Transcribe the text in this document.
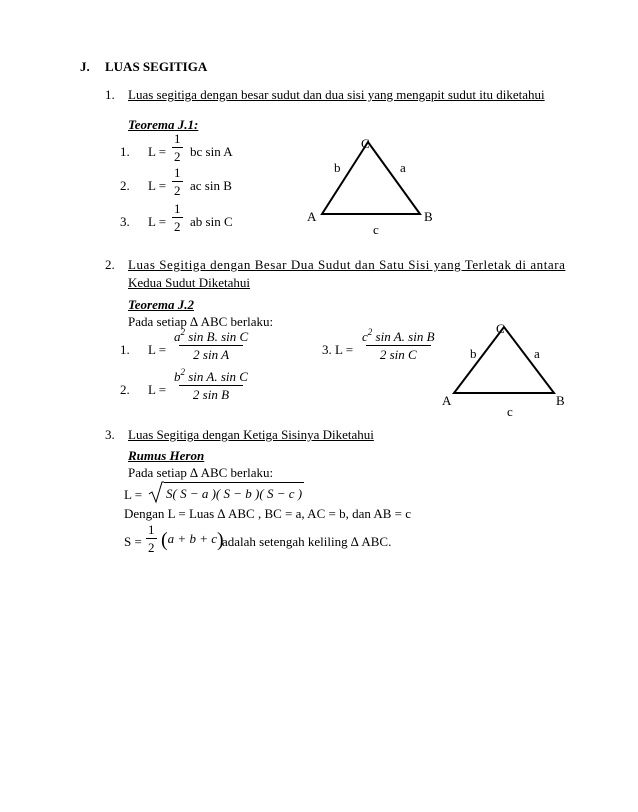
J. LUAS SEGITIGA
1. Luas segitiga dengan besar sudut dan dua sisi yang mengapit sudut itu diketahui
Teorema J.1:
1. $L = \frac{1}{2}$ bc sin A
2. $L = \frac{1}{2}$ ac sin B
3. $L = \frac{1}{2}$ ab sin C
C
b	a
A	B
c
2. Luas Segitiga dengan Besar Dua Sudut dan Satu Sisi yang Terletak di antara
Kedua Sudut Diketahui
Teorema J.2
Pada setiap ∆ ABC berlaku:
1. $L = \frac{a^2 \sin B. \sin C}{\text{2 sin A}}$
2. $L = \frac{b^2 \sin A. \sin C}{\text{2 sin B}}$
3. $L = \frac{c^2 \sin A. \sin B}{\text{2 sin C}}$
C
b	a
A	B
c
3. Luas Segitiga dengan Ketiga Sisinya Diketahui
Rumus Heron
Pada setiap ∆ ABC berlaku:
L = S( S − a )( S − b )( S − c )
Dengan L = Luas ∆ ABC , BC = a, AC = b, dan AB = c
$S = \frac{1}{2} (a + b + c)$
adalah setengah keliling ∆ ABC.
